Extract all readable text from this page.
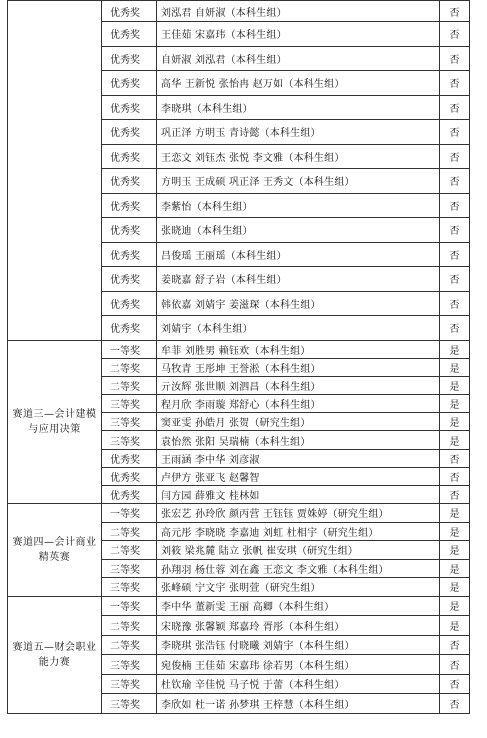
	优秀奖	刘泓君 自妍淑（本科生组）	否
	优秀奖	王佳茹 宋嘉玮（本科生组）	否
	优秀奖	自妍淑 刘泓君（本科生组）	否
	优秀奖	高华 王新悦 张怡冉 赵万如（本科生组）	否
	优秀奖	李晓琪（本科生组）	否
	优秀奖	巩正泽 方明玉 青诗懿（本科生组）	否
	优秀奖	王恋文 刘钰杰 张悦 李文雅（本科生组）	否
	优秀奖	方明玉 王成硕 巩正泽 王秀文（本科生组）	否
	优秀奖	李紫怡（本科生组）	否
	优秀奖	张晓迪（本科生组）	否
	优秀奖	吕俊瑶 王丽瑶（本科生组）	否
	优秀奖	姜晓嘉 舒子岩（本科生组）	否
	优秀奖	韩依嘉 刘婧宇 姜滋琛（本科生组）	否
	优秀奖	刘婧宇（本科生组）	否
赛道三—会计建模与应用决策	一等奖	牟菲 刘胜男 赖钰欢（本科生组）	是
	二等奖	马牧青 王彤坤 王誉淞（本科生组）	是
	二等奖	亓汝辉 张世顺 刘泗昌（本科生组）	是
	三等奖	程月欣 李雨璇 郑舒心（本科生组）	是
	三等奖	窦亚雯 孙皓月 张贺（研究生组）	是
	三等奖	袁怡然 张阳 吴瑞楠（本科生组）	是
	优秀奖	王雨涵 李中华 刘彦淑	否
	优秀奖	卢伊方 张亚飞 赵馨智	否
	优秀奖	闫方园 薛雅文 桂林如	否
赛道四—会计商业精英赛	一等奖	张宏艺 孙玲欣 颜丙营 王钰钰 贾姝婷（研究生组）	是
	二等奖	高元彤 李晓晓 李嘉迪 刘虹 杜相宇（研究生组）	是
	二等奖	刘筱 梁兆麓 陆立 张帆 崔安琪（研究生组）	是
	三等奖	孙翔羽 杨仕蓉 刘在鑫 王恋文 李文雅（本科生组）	是
	三等奖	张峰硕 宁文宇 张明萱（研究生组）	是
赛道五—财会职业能力赛	一等奖	李中华 董新雯 王丽 高卿（本科生组）	是
	二等奖	宋晓豫 张馨颖 郑嘉玲 胥彤（本科生组）	是
	二等奖	李晓琪 张浩钰 付晓曦 刘婧宇（本科生组）	否
	三等奖	宛俊楠 王佳茹 宋嘉玮 徐若男（本科生组）	否
	三等奖	杜钦瑜 辛佳悦 马子悦 于蕾（本科生组）	否
	三等奖	李欣如 杜一诺 孙梦琪 王梓慧（本科生组）	否
